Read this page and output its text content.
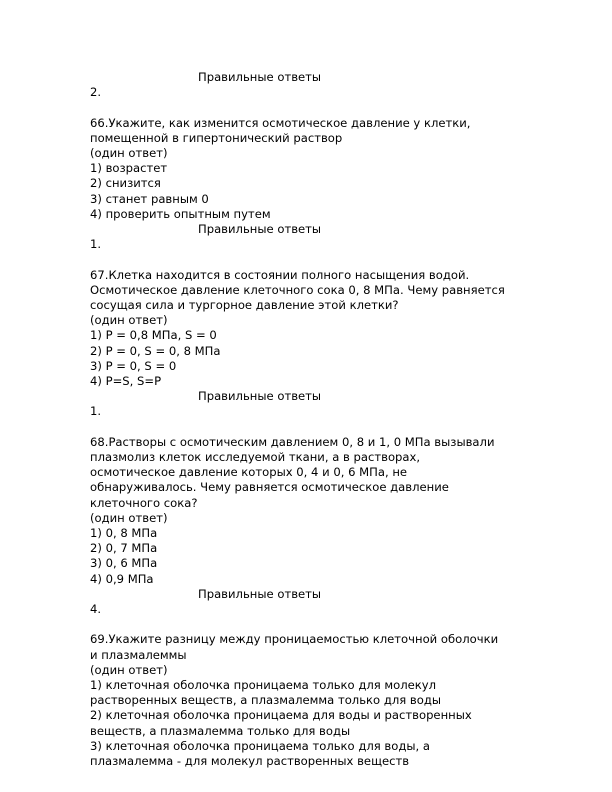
Правильные ответы
2.
66.Укажите, как изменится осмотическое давление у клетки,
помещенной в гипертонический раствор
(один ответ)
1) возрастет
2) снизится
3) станет равным 0
4) проверить опытным путем
Правильные ответы
1.
67.Клетка находится в состоянии полного насыщения водой.
Осмотическое давление клеточного сока 0, 8 МПа. Чему равняется
сосущая сила и тургорное давление этой клетки?
(один ответ)
1) Р = 0,8 МПа, S = 0
2) Р = 0, S = 0, 8 МПа
3) Р = 0, S = 0
4) P=S, S=P
Правильные ответы
1.
68.Растворы с осмотическим давлением 0, 8 и 1, 0 МПа вызывали
плазмолиз клеток исследуемой ткани, а в растворах,
осмотическое давление которых 0, 4 и 0, 6 МПа, не
обнаруживалось. Чему равняется осмотическое давление
клеточного сока?
(один ответ)
1) 0, 8 МПа
2) 0, 7 МПа
3) 0, 6 МПа
4) 0,9 МПа
Правильные ответы
4.
69.Укажите разницу между проницаемостью клеточной оболочки
и плазмалеммы
(один ответ)
1) клеточная оболочка проницаема только для молекул
растворенных веществ, а плазмалемма только для воды
2) клеточная оболочка проницаема для воды и растворенных
веществ, а плазмалемма только для воды
3) клеточная оболочка проницаема только для воды, а
плазмалемма - для молекул растворенных веществ
